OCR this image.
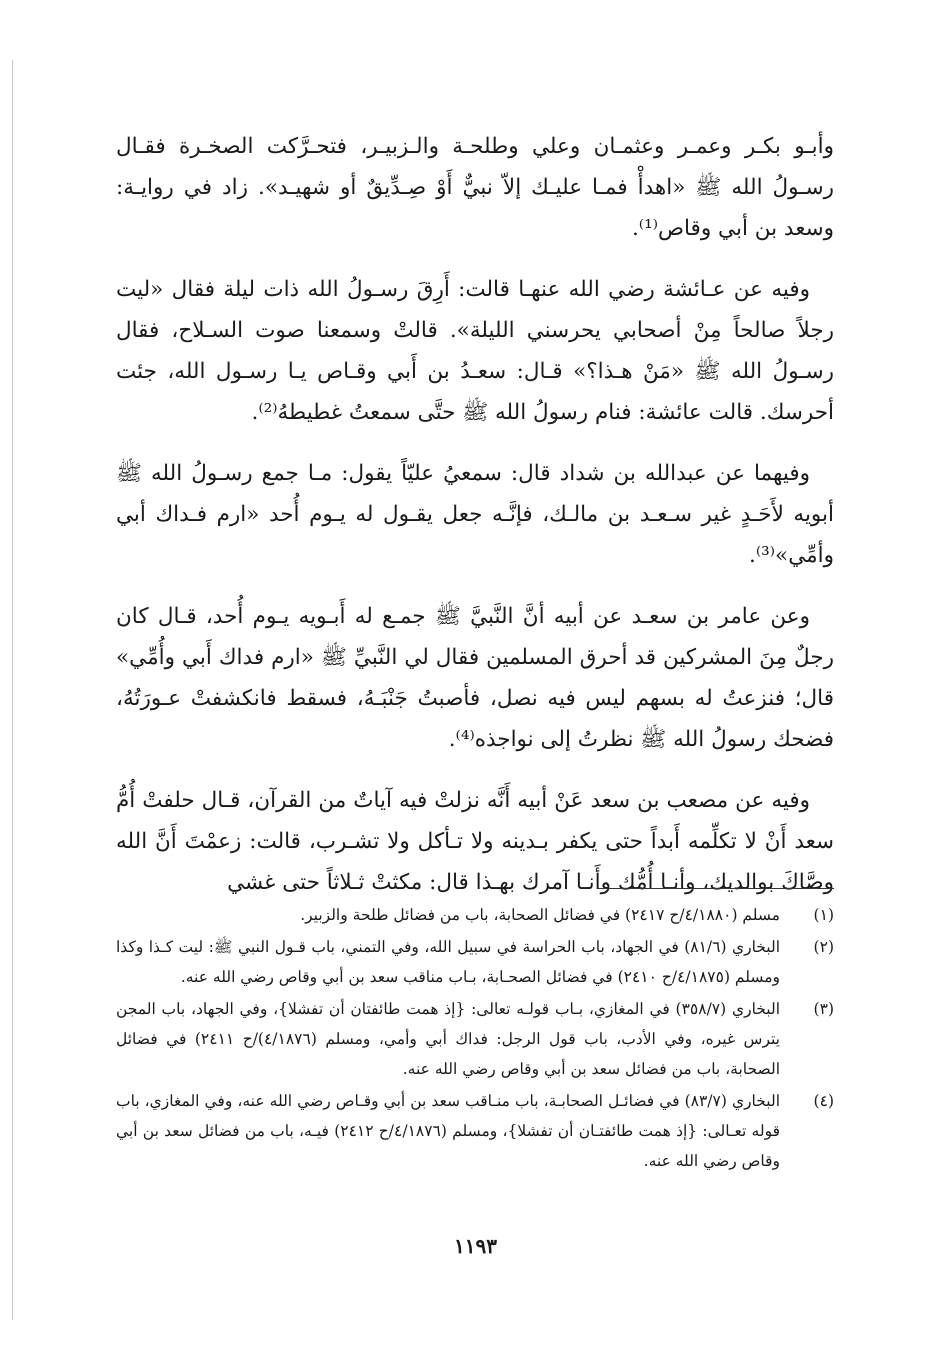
وأبـو بكـر وعمـر وعثمـان وعلي وطلحـة والـزبيـر، فتحـرَّكت الصخـرة فقـال رسـولُ الله ﷺ «اهدأْ فمـا عليـك إلاّ نبيٌّ أَوْ صِـدِّيقٌ أو شهيـد». زاد في روايـة: وسعد بن أبي وقاص⁽¹⁾.

وفيه عن عـائشة رضي الله عنهـا قالت: أَرِقَ رسـولُ الله ذات ليلة فقال «ليت رجلاً صالحاً مِنْ أصحابي يحرسني الليلة». قالتْ وسمعنا صوت السـلاح، فقال رسـولُ الله ﷺ «مَنْ هـذا؟» قـال: سعـدُ بن أَبي وقـاص يـا رسـول الله، جئت أحرسك. قالت عائشة: فنام رسولُ الله ﷺ حتَّى سمعتُ غطيطهُ⁽²⁾.

وفيهما عن عبدالله بن شداد قال: سمعيُ عليّاً يقول: مـا جمع رسـولُ الله ﷺ أبويه لأَحَـدٍ غير سـعـد بن مالـك، فإنَّـه جعل يقـول له يـوم أُحد «ارم فـداك أبي وأمِّي»⁽³⁾.

وعن عامر بن سعـد عن أبيه أنَّ النَّبيَّ ﷺ جمـع له أَبـويه يـوم أُحد، قـال كان رجلٌ مِنَ المشركين قد أحرق المسلمين فقال لي النَّبيِّ ﷺ «ارم فداك أَبي وأُمِّي» قال؛ فنزعتُ له بسهم ليس فيه نصل، فأصبتُ جَنْبَـهُ، فسقط فانكشفتْ عـورَتُهُ، فضحك رسولُ الله ﷺ نظرتُ إلى نواجذه⁽⁴⁾.

وفيه عن مصعب بن سعد عَنْ أبيه أَنَّه نزلتْ فيه آياتٌ من القرآن، قـال حلفتْ أُمُّ سعد أَنْ لا تكلِّمه أَبداً حتى يكفر بـدينه ولا تـأكل ولا تشـرب، قالت: زعمْتَ أَنَّ الله وصَّاكَ بوالديك، وأنـا أُمُّك وأَنـا آمرك بهـذا قال: مكثتْ ثـلاثاً حتى غشي

(١)
مسلم (٤/١٨٨٠/ح ٢٤١٧) في فضائل الصحابة، باب من فضائل طلحة والزبير.
(٢)
البخاري (٨١/٦) في الجهاد، باب الحراسة في سبيل الله، وفي التمني، باب قـول النبي ﷺ: ليت كـذا وكذا ومسلم (٤/١٨٧٥/ح ٢٤١٠) في فضائل الصحـابة، بـاب مناقب سعد بن أبي وقاص رضي الله عنه.
(٣)
البخاري (٣٥٨/٧) في المغازي، بـاب قولـه تعالى: {إذ همت طائفتان أن تفشلا}، وفي الجهاد، باب المجن يترس غيره، وفي الأدب، باب قول الرجل: فداك أبي وأمي، ومسلم (٤/١٨٧٦)/ح ٢٤١١) في فضائل الصحابة، باب من فضائل سعد بن أبي وقاص رضي الله عنه.
(٤)
البخاري (٨٣/٧) في فضائـل الصحابـة، باب منـاقب سعد بن أبي وقـاص رضي الله عنه، وفي المغازي، باب قوله تعـالى: {إذ همت طائفتـان أن تفشلا}، ومسلم (٤/١٨٧٦/ح ٢٤١٢) فيـه، باب من فضائل سعد بن أبي وقاص رضي الله عنه.
١١٩٣
